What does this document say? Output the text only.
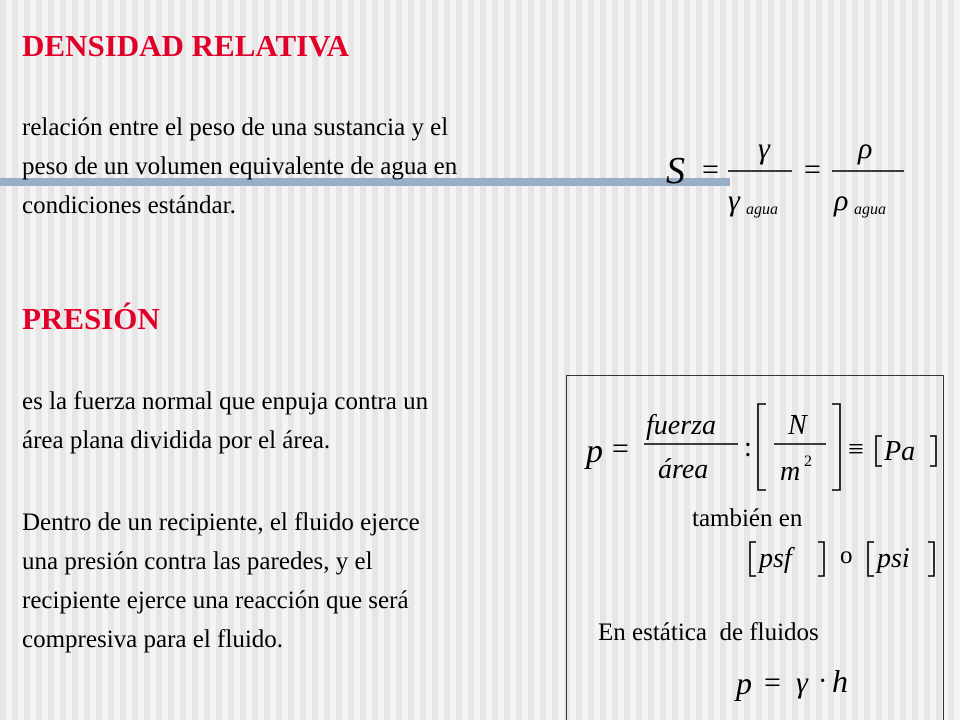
DENSIDAD RELATIVA

relación entre el peso de una sustancia y el
peso de un volumen equivalente de agua en
condiciones estándar.

S =
γ
γ agua
=
ρ
ρ agua
PRESIÓN

es la fuerza normal que enpuja contra un
área plana dividida por el área.

Dentro de un recipiente, el fluido ejerce
una presión contra las paredes, y el
recipiente ejerce una reacción que será
compresiva para el fluido.

p =
fuerza
área
:
N
m 2 ≡ Pa

también en

psf o psi

En estática  de fluidos

p = γ · h
